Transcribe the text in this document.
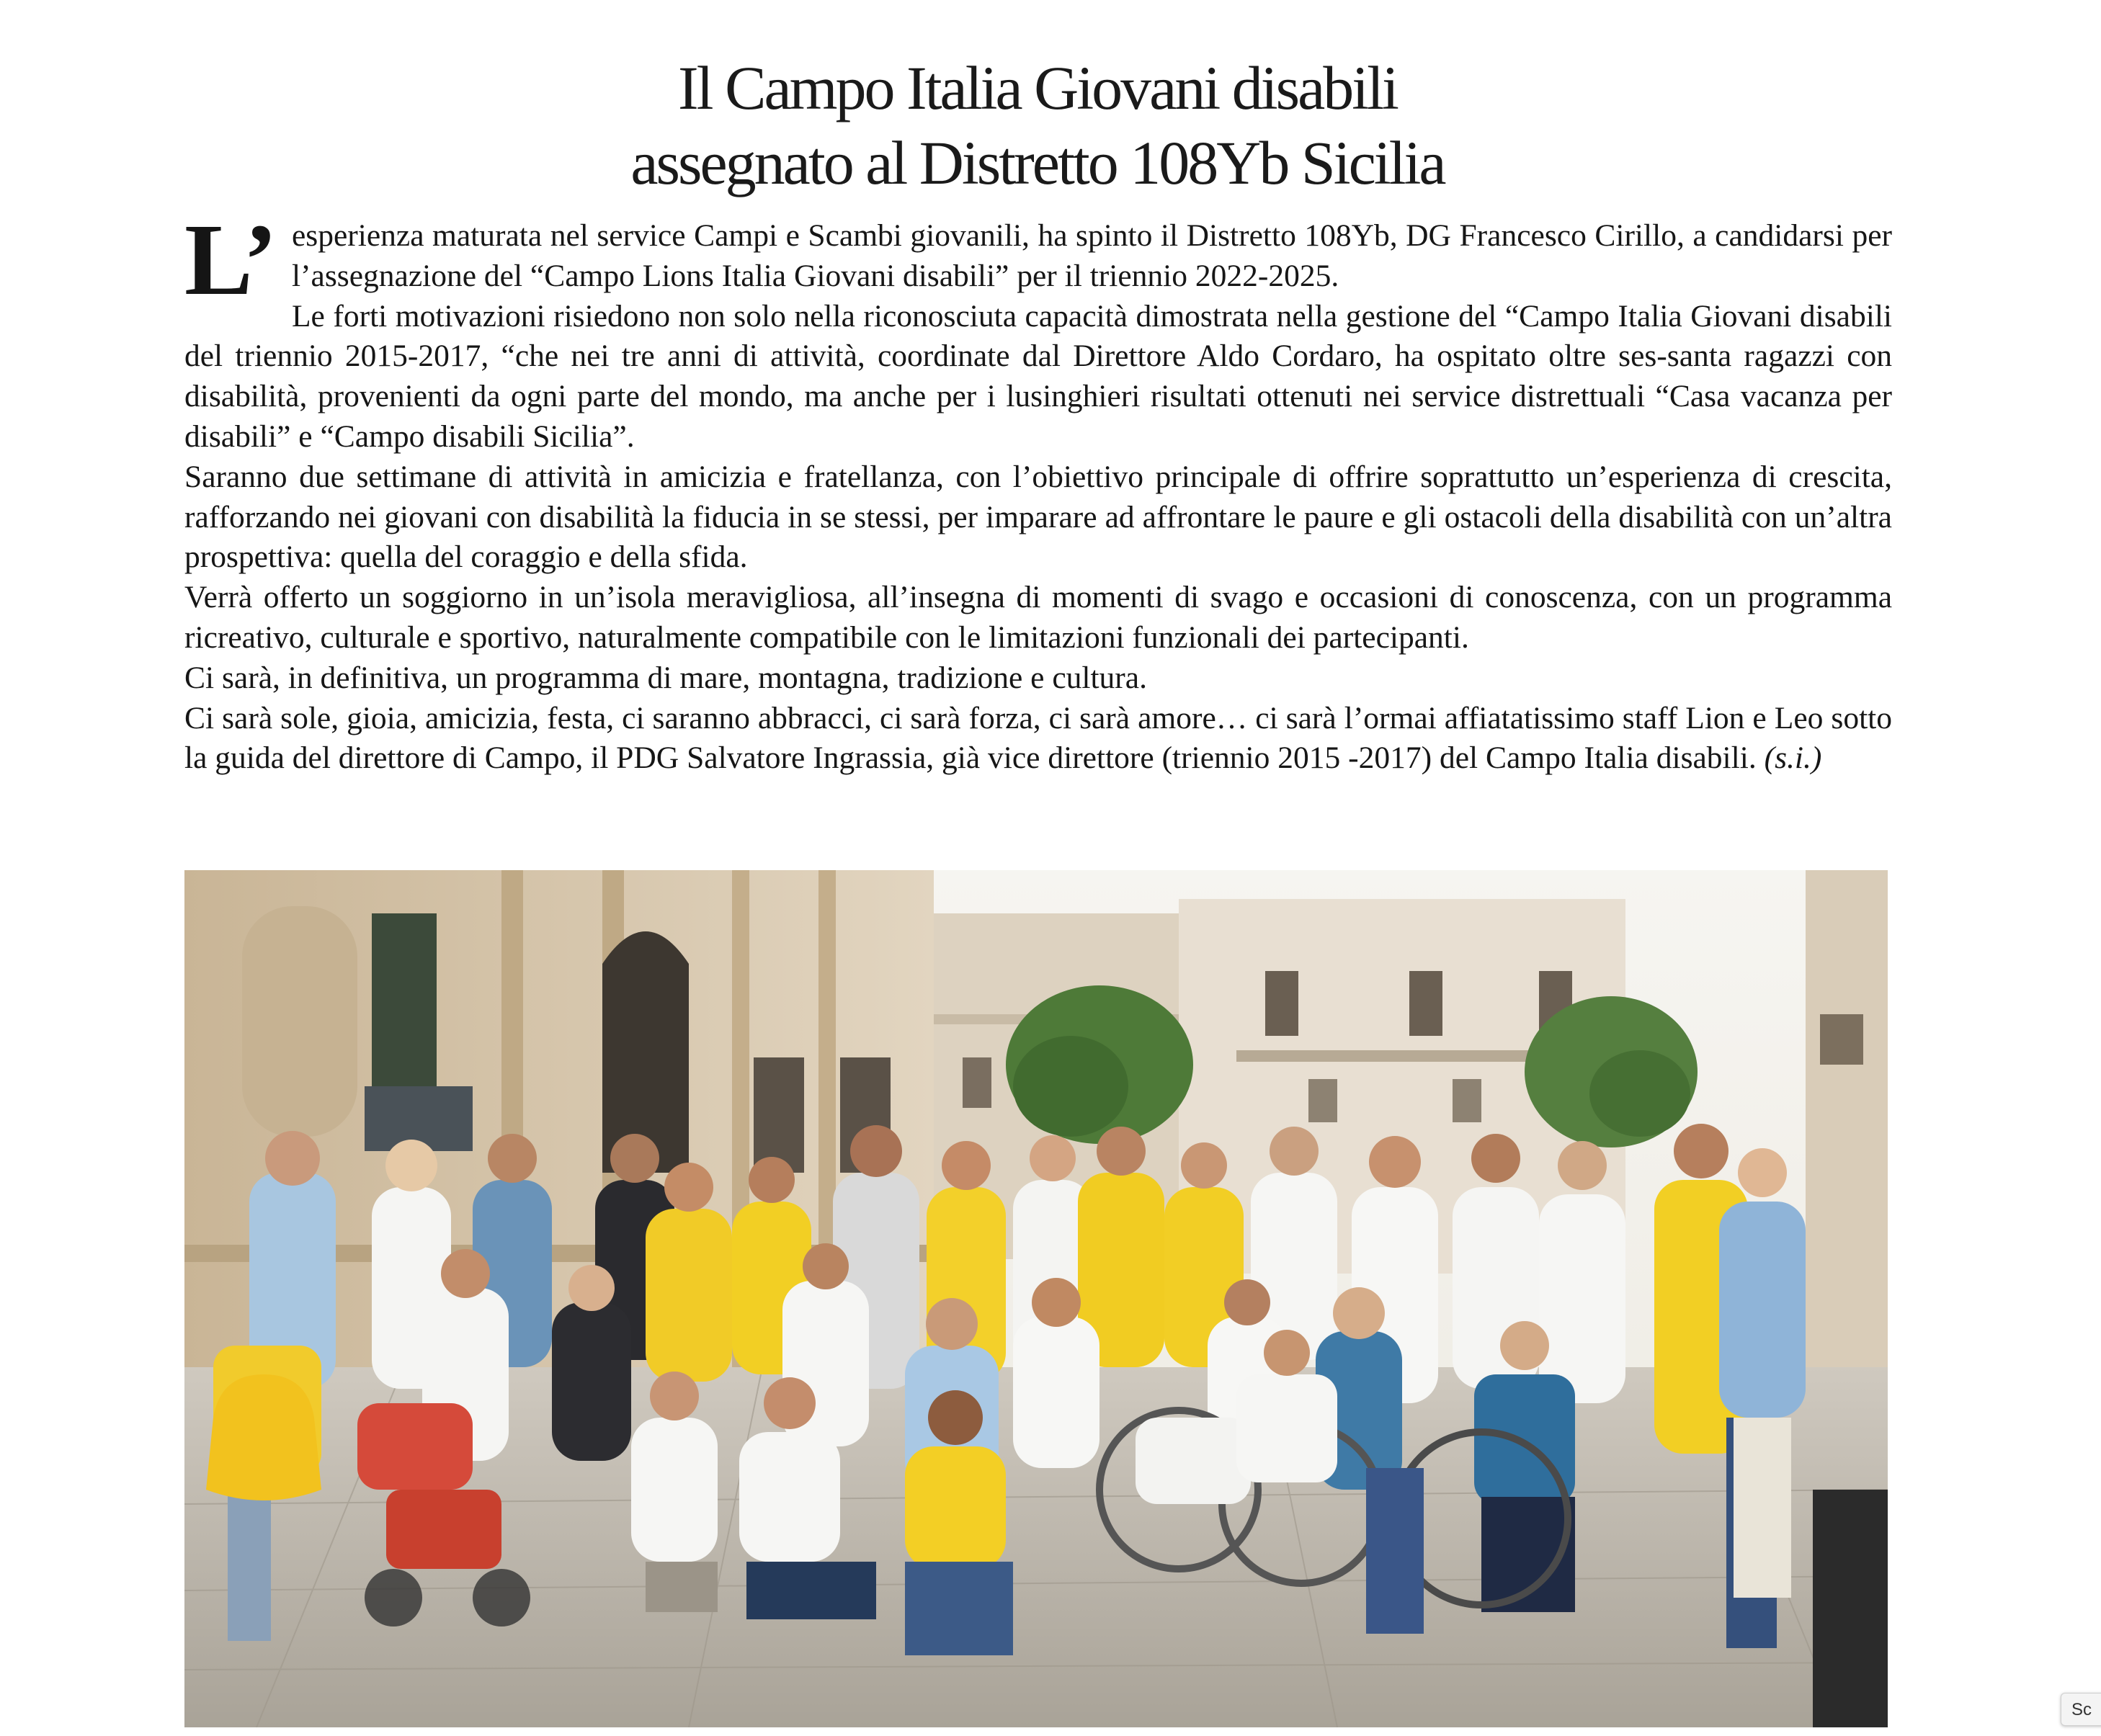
Il Campo Italia Giovani disabili
assegnato al Distretto 108Yb Sicilia

L’ esperienza maturata nel service Campi e Scambi giovanili, ha spinto il Distretto 108Yb, DG Francesco Cirillo, a candidarsi per l’assegnazione del “Campo Lions Italia Giovani disabili” per il triennio 2022-2025.

Le forti motivazioni risiedono non solo nella riconosciuta capacità dimostrata nella gestione del “Campo Italia Giovani disabili del triennio 2015-2017, “che nei tre anni di attività, coordinate dal Direttore Aldo Cordaro, ha ospitato oltre ses-santa ragazzi con disabilità, provenienti da ogni parte del mondo, ma anche per i lusinghieri risultati ottenuti nei service distrettuali “Casa vacanza per disabili” e “Campo disabili Sicilia”.

Saranno due settimane di attività in amicizia e fratellanza, con l’obiettivo principale di offrire soprattutto un’esperienza di crescita, rafforzando nei giovani con disabilità la fiducia in se stessi, per imparare ad affrontare le paure e gli ostacoli della disabilità con un’altra prospettiva: quella del coraggio e della sfida.

Verrà offerto un soggiorno in un’isola meravigliosa, all’insegna di momenti di svago e occasioni di conoscenza, con un programma ricreativo, culturale e sportivo, naturalmente compatibile con le limitazioni funzionali dei partecipanti.

Ci sarà, in definitiva, un programma di mare, montagna, tradizione e cultura.

Ci sarà sole, gioia, amicizia, festa, ci saranno abbracci, ci sarà forza, ci sarà amore… ci sarà l’ormai affiatatissimo staff Lion e Leo sotto la guida del direttore di Campo, il PDG Salvatore Ingrassia, già vice direttore (triennio 2015 -2017) del Campo Italia disabili. (s.i.)

Sc
